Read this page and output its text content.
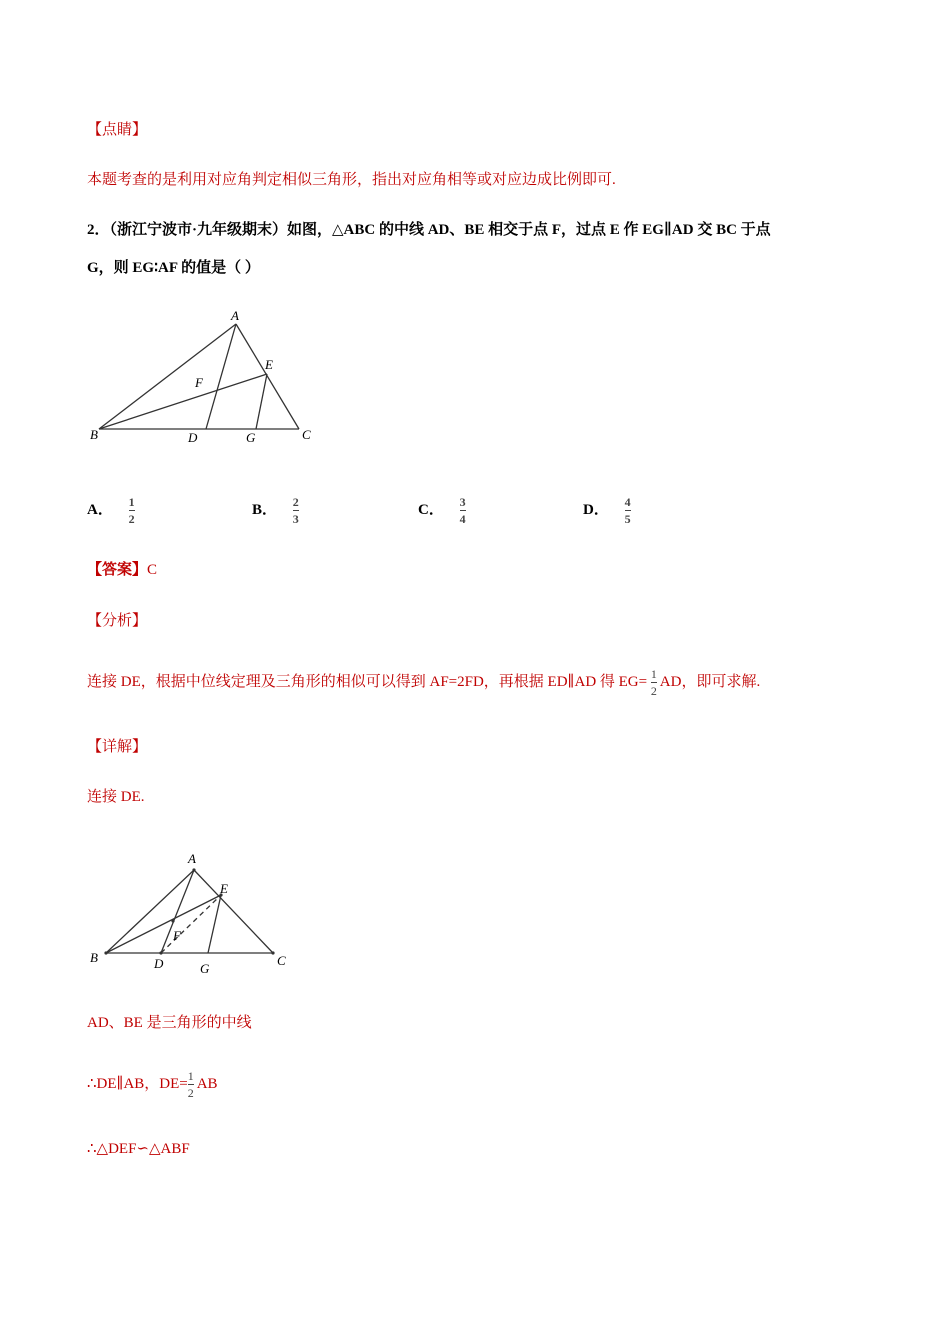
【点睛】
本题考查的是利用对应角判定相似三角形，指出对应角相等或对应边成比例即可.
2．（浙江宁波市·九年级期末）如图，△ABC 的中线 AD、BE 相交于点 F，过点 E 作 EG∥AD 交 BC 于点
G，则 EG∶AF 的值是（ ）
A
E
F
B	D	G	C
A． $\frac{1}{2}$	B． $\frac{2}{3}$	C． $\frac{3}{4}$	D． $\frac{4}{5}$
【答案】C
【分析】
连接 DE，根据中位线定理及三角形的相似可以得到 AF=2FD，再根据 ED∥AD 得 $EG= \frac{1}{2}$ AD，即可求解.
【详解】
连接 DE.
A
E
F
B	D	G
C
AD、BE 是三角形的中线
∴DE∥AB，$DE= \frac{1}{2}$ AB
∴△DEF∽△ABF
